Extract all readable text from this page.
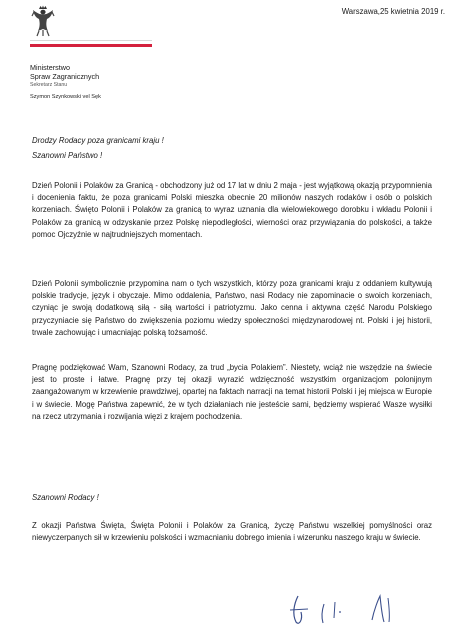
Ministerstwo
Spraw Zagranicznych
Sekretarz Stanu
Szymon Szynkowski vel Sęk
Warszawa,25 kwietnia 2019 r.
Drodzy Rodacy poza granicami kraju !
Szanowni Państwo !

Dzień Polonii i Polaków za Granicą - obchodzony już od 17 lat w dniu 2 maja - jest wyjątkową okazją przypomnienia i docenienia faktu, że poza granicami Polski mieszka obecnie 20 milionów naszych rodaków i osób o polskich korzeniach. Święto Polonii i Polaków za granicą to wyraz uznania dla wielowiekowego dorobku i wkładu Polonii i Polaków za granicą w odzyskanie przez Polskę niepodległości, wierności oraz przywiązania do polskości, a także pomoc Ojczyźnie w najtrudniejszych momentach.

Dzień Polonii symbolicznie przypomina nam o tych wszystkich, którzy poza granicami kraju z oddaniem kultywują polskie tradycje, język i obyczaje. Mimo oddalenia, Państwo, nasi Rodacy nie zapominacie o swoich korzeniach, czyniąc je swoją dodatkową siłą - siłą wartości i patriotyzmu. Jako cenna i aktywna część Narodu Polskiego przyczyniacie się Państwo do zwiększenia poziomu wiedzy społeczności międzynarodowej nt. Polski i jej historii, trwale zachowując i umacniając polską tożsamość.

Pragnę podziękować Wam, Szanowni Rodacy, za trud „bycia Polakiem”. Niestety, wciąż nie wszędzie na świecie jest to proste i łatwe. Pragnę przy tej okazji wyrazić wdzięczność wszystkim organizacjom polonijnym zaangażowanym w krzewienie prawdziwej, opartej na faktach narracji na temat historii Polski i jej miejsca w Europie i w świecie. Mogę Państwa zapewnić, że w tych działaniach nie jesteście sami, będziemy wspierać Wasze wysiłki na rzecz utrzymania i rozwijania więzi z krajem pochodzenia.

Szanowni Rodacy !

Z okazji Państwa Święta, Święta Polonii i Polaków za Granicą, życzę Państwu wszelkiej pomyślności oraz niewyczerpanych sił w krzewieniu polskości i wzmacnianiu dobrego imienia i wizerunku naszego kraju w świecie.
